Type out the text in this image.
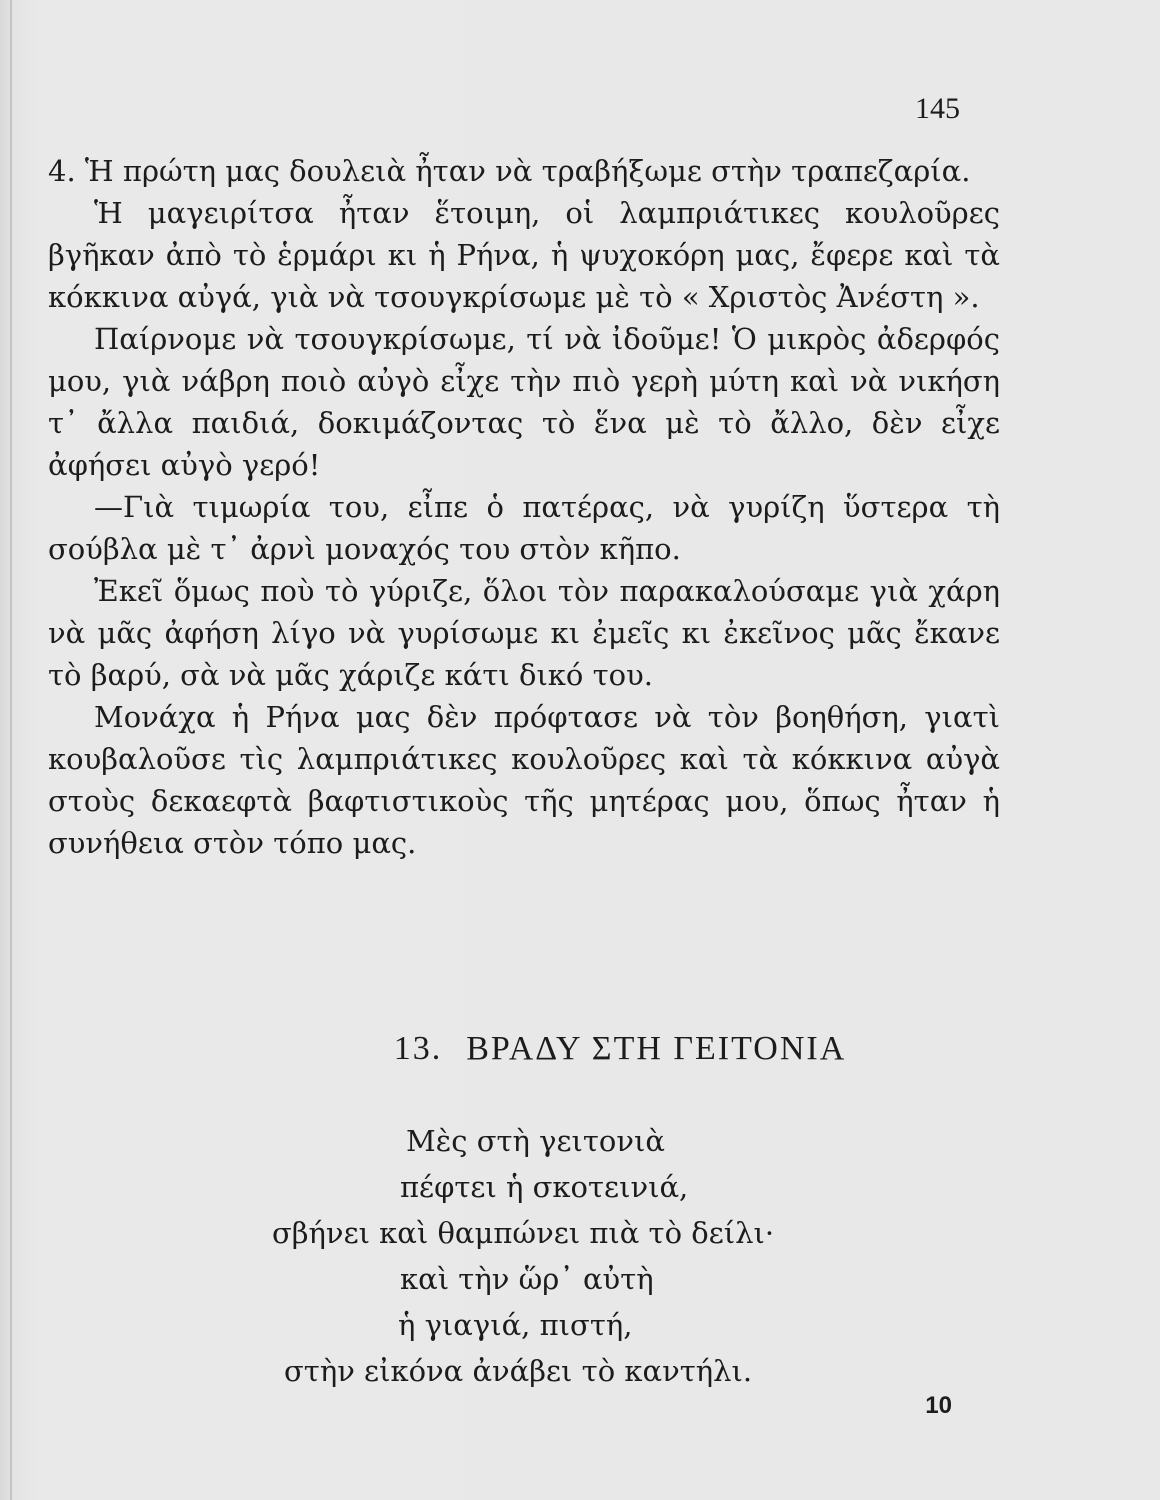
145

4. Ἡ πρώτη μας δουλειὰ ἦταν νὰ τραβήξωμε στὴν τραπεζαρία.

Ἡ μαγειρίτσα ἦταν ἕτοιμη, οἱ λαμπριάτικες κουλοῦρες βγῆκαν ἀπὸ τὸ ἑρμάρι κι ἡ Ρήνα, ἡ ψυχοκόρη μας, ἔφερε καὶ τὰ κόκκινα αὐγά, γιὰ νὰ τσουγκρίσωμε μὲ τὸ « Χριστὸς Ἀνέστη ».

Παίρνομε νὰ τσουγκρίσωμε, τί νὰ ἰδοῦμε! Ὁ μικρὸς ἀδερφός μου, γιὰ νάβρη ποιὸ αὐγὸ εἶχε τὴν πιὸ γερὴ μύτη καὶ νὰ νικήση τ᾽ ἄλλα παιδιά, δοκιμάζοντας τὸ ἕνα μὲ τὸ ἄλλο, δὲν εἶχε ἀφήσει αὐγὸ γερό!

—Γιὰ τιμωρία του, εἶπε ὁ πατέρας, νὰ γυρίζη ὕστερα τὴ σούβλα μὲ τ᾽ ἀρνὶ μοναχός του στὸν κῆπο.

Ἐκεῖ ὅμως ποὺ τὸ γύριζε, ὅλοι τὸν παρακαλούσαμε γιὰ χάρη νὰ μᾶς ἀφήση λίγο νὰ γυρίσωμε κι ἐμεῖς κι ἐκεῖνος μᾶς ἔκανε τὸ βαρύ, σὰ νὰ μᾶς χάριζε κάτι δικό του.

Μονάχα ἡ Ρήνα μας δὲν πρόφτασε νὰ τὸν βοηθήση, γιατὶ κουβαλοῦσε τὶς λαμπριάτικες κουλοῦρες καὶ τὰ κόκκινα αὐγὰ στοὺς δεκαεφτὰ βαφτιστικοὺς τῆς μητέρας μου, ὅπως ἦταν ἡ συνήθεια στὸν τόπο μας.

13. ΒΡΑΔΥ ΣΤΗ ΓΕΙΤΟΝΙΑ
Μὲς στὴ γειτονιὰ
πέφτει ἡ σκοτεινιά,
σβήνει καὶ θαμπώνει πιὰ τὸ δείλι·
καὶ τὴν ὥρ᾽ αὐτὴ
ἡ γιαγιά, πιστή,
στὴν εἰκόνα ἀνάβει τὸ καντήλι.
10
